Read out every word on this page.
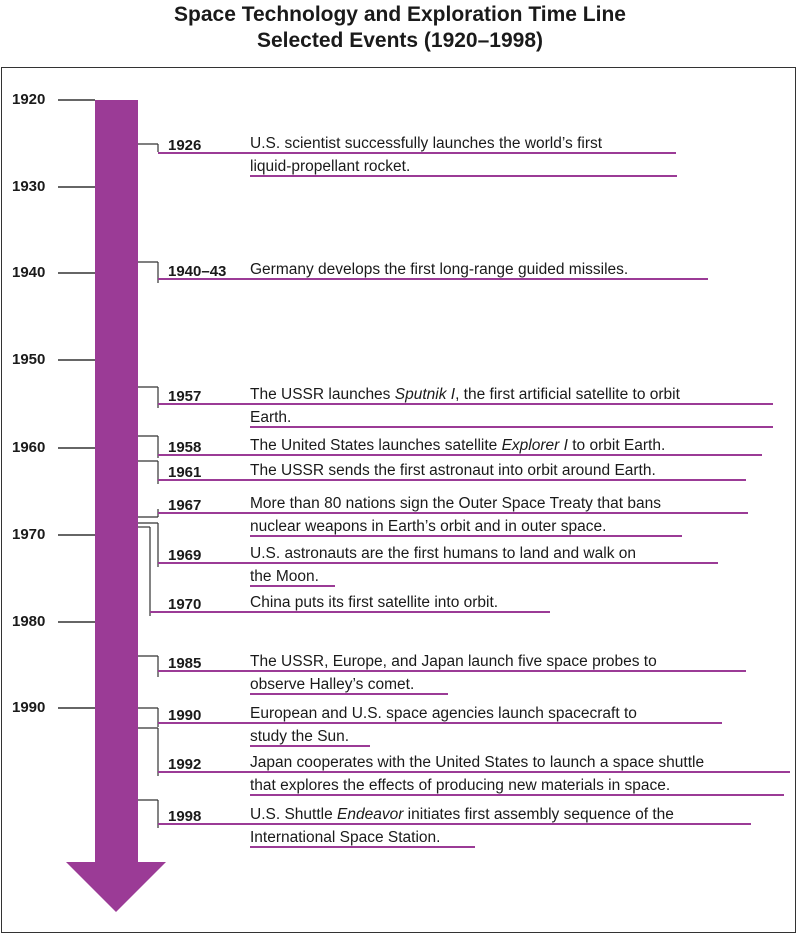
Space Technology and Exploration Time Line
Selected Events (1920–1998)
1920
1930
1940
1950
1960
1970
1980
1990
1926	U.S. scientist successfully launches the world’s first
liquid-propellant rocket.
1940–43 Germany develops the first long-range guided missiles.
1957	The USSR launches Sputnik I, the first artificial satellite to orbit
Earth.
1958	The United States launches satellite Explorer I to orbit Earth.
1961	The USSR sends the first astronaut into orbit around Earth.
1967	More than 80 nations sign the Outer Space Treaty that bans
nuclear weapons in Earth’s orbit and in outer space.
1969	U.S. astronauts are the first humans to land and walk on
the Moon.
1970	China puts its first satellite into orbit.
1985	The USSR, Europe, and Japan launch five space probes to
observe Halley’s comet.
1990	European and U.S. space agencies launch spacecraft to
study the Sun.
1992	Japan cooperates with the United States to launch a space shuttle
that explores the effects of producing new materials in space.
1998	U.S. Shuttle Endeavor initiates first assembly sequence of the
International Space Station.
